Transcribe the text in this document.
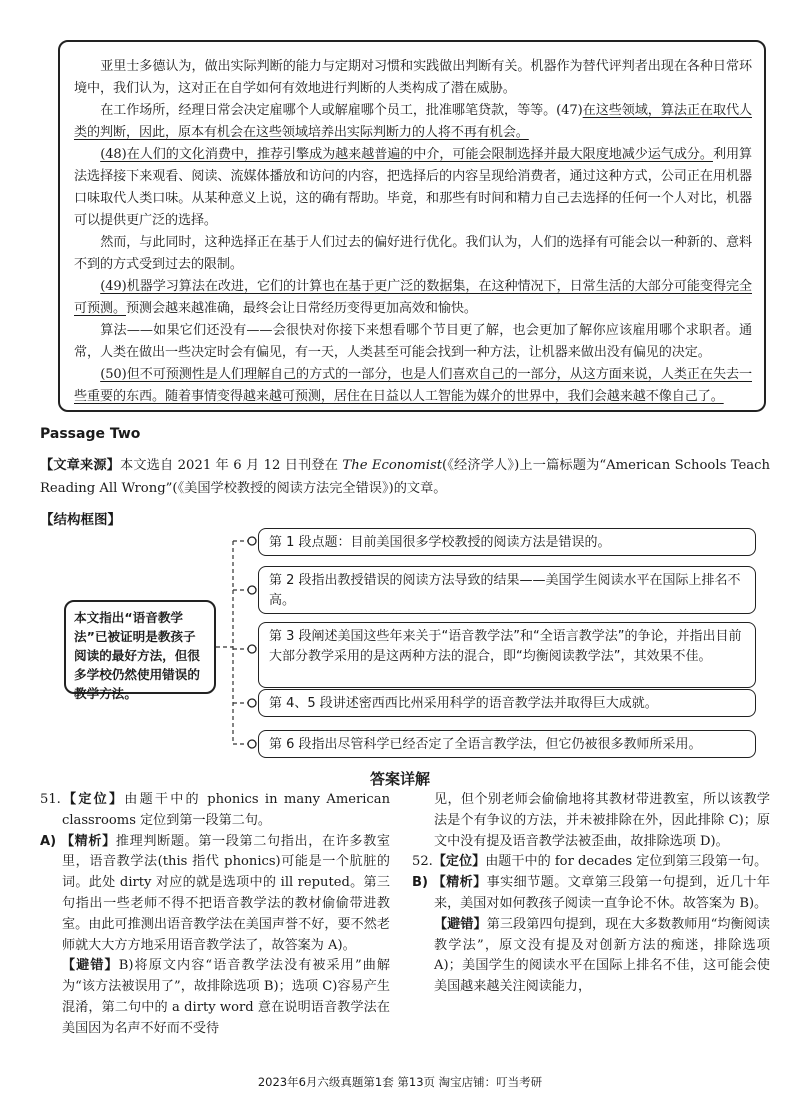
亚里士多德认为，做出实际判断的能力与定期对习惯和实践做出判断有关。机器作为替代评判者出现在各种日常环境中，我们认为，这对正在自学如何有效地进行判断的人类构成了潜在威胁。

在工作场所，经理日常会决定雇哪个人或解雇哪个员工，批准哪笔贷款，等等。(47)在这些领域，算法正在取代人类的判断，因此，原本有机会在这些领域培养出实际判断力的人将不再有机会。

(48)在人们的文化消费中，推荐引擎成为越来越普遍的中介，可能会限制选择并最大限度地减少运气成分。利用算法选择接下来观看、阅读、流媒体播放和访问的内容，把选择后的内容呈现给消费者，通过这种方式，公司正在用机器口味取代人类口味。从某种意义上说，这的确有帮助。毕竟，和那些有时间和精力自己去选择的任何一个人对比，机器可以提供更广泛的选择。

然而，与此同时，这种选择正在基于人们过去的偏好进行优化。我们认为，人们的选择有可能会以一种新的、意料不到的方式受到过去的限制。

(49)机器学习算法在改进，它们的计算也在基于更广泛的数据集，在这种情况下，日常生活的大部分可能变得完全可预测。预测会越来越准确，最终会让日常经历变得更加高效和愉快。

算法——如果它们还没有——会很快对你接下来想看哪个节目更了解，也会更加了解你应该雇用哪个求职者。通常，人类在做出一些决定时会有偏见，有一天，人类甚至可能会找到一种方法，让机器来做出没有偏见的决定。

(50)但不可预测性是人们理解自己的方式的一部分，也是人们喜欢自己的一部分，从这方面来说，人类正在失去一些重要的东西。随着事情变得越来越可预测，居住在日益以人工智能为媒介的世界中，我们会越来越不像自己了。

Passage Two

【文章来源】本文选自 2021 年 6 月 12 日刊登在 The Economist(《经济学人》)上一篇标题为“American Schools Teach Reading All Wrong”(《美国学校教授的阅读方法完全错误》)的文章。

【结构框图】
本文指出“语音教学法”已被证明是教孩子阅读的最好方法，但很多学校仍然使用错误的教学方法。
第 1 段点题：目前美国很多学校教授的阅读方法是错误的。
第 2 段指出教授错误的阅读方法导致的结果——美国学生阅读水平在国际上排名不高。
第 3 段阐述美国这些年来关于“语音教学法”和“全语言教学法”的争论，并指出目前大部分教学采用的是这两种方法的混合，即“均衡阅读教学法”，其效果不佳。
第 4、5 段讲述密西西比州采用科学的语音教学法并取得巨大成就。
第 6 段指出尽管科学已经否定了全语言教学法，但它仍被很多教师所采用。
答案详解

51.【定位】由题干中的 phonics in many American classrooms 定位到第一段第二句。

A) 【精析】推理判断题。第一段第二句指出，在许多教室里，语音教学法(this 指代 phonics)可能是一个肮脏的词。此处 dirty 对应的就是选项中的 ill reputed。第三句指出一些老师不得不把语音教学法的教材偷偷带进教室。由此可推测出语音教学法在美国声誉不好，要不然老师就大大方方地采用语音教学法了，故答案为 A)。

【避错】B)将原文内容“语音教学法没有被采用”曲解为“该方法被误用了”，故排除选项 B)；选项 C)容易产生混淆，第二句中的 a dirty word 意在说明语音教学法在美国因为名声不好而不受待

见，但个别老师会偷偷地将其教材带进教室，所以该教学法是个有争议的方法，并未被排除在外，因此排除 C)；原文中没有提及语音教学法被歪曲，故排除选项 D)。

52.【定位】由题干中的 for decades 定位到第三段第一句。

B) 【精析】事实细节题。文章第三段第一句提到，近几十年来，美国对如何教孩子阅读一直争论不休。故答案为 B)。

【避错】第三段第四句提到，现在大多数教师用“均衡阅读教学法”，原文没有提及对创新方法的痴迷，排除选项 A)；美国学生的阅读水平在国际上排名不佳，这可能会使美国越来越关注阅读能力，

2023年6月六级真题第1套 第13页 淘宝店铺：叮当考研
